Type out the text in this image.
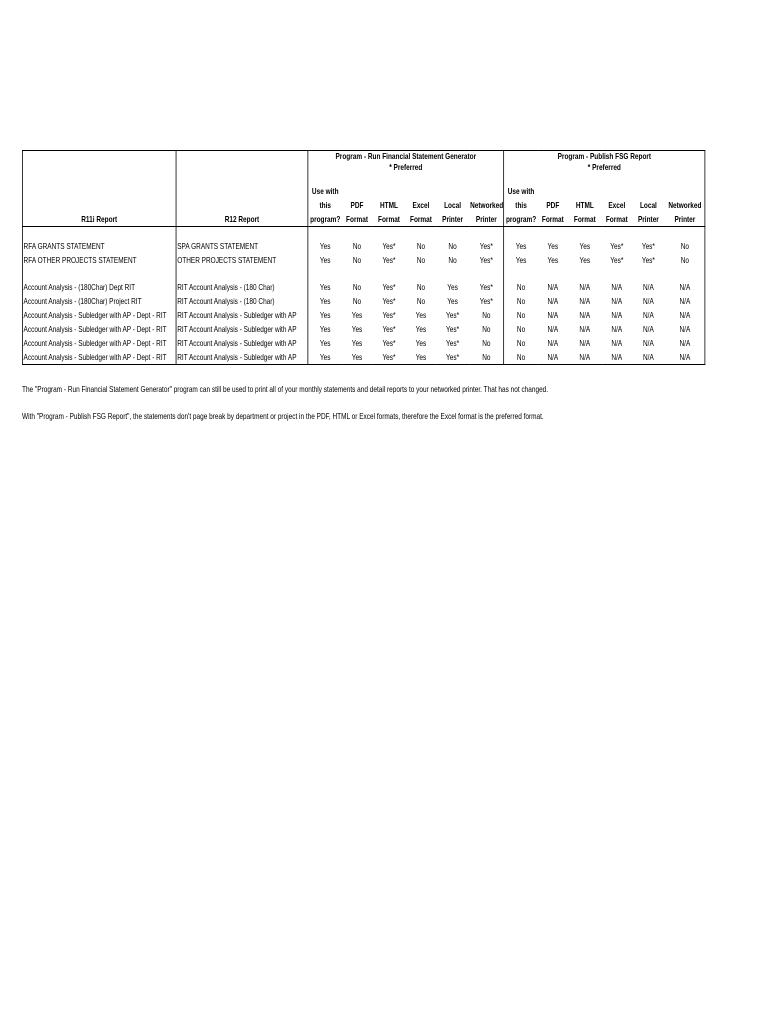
		Program - Run Financial Statement Generator						Program - Publish FSG Report					
		* Preferred						* Preferred					

		Use with						Use with					
		this	PDF	HTML	Excel	Local	Networked	this	PDF	HTML	Excel	Local	Networked
R11i Report	R12 Report	program?	Format	Format	Format	Printer	Printer	program?	Format	Format	Format	Printer	Printer

RFA GRANTS STATEMENT	SPA GRANTS STATEMENT	Yes	No	Yes*	No	No	Yes*	Yes	Yes	Yes	Yes*	Yes*	No
RFA OTHER PROJECTS STATEMENT	OTHER PROJECTS STATEMENT	Yes	No	Yes*	No	No	Yes*	Yes	Yes	Yes	Yes*	Yes*	No

Account Analysis - (180Char) Dept RIT	RIT Account Analysis - (180 Char)	Yes	No	Yes*	No	Yes	Yes*	No	N/A	N/A	N/A	N/A	N/A
Account Analysis - (180Char) Project RIT	RIT Account Analysis - (180 Char)	Yes	No	Yes*	No	Yes	Yes*	No	N/A	N/A	N/A	N/A	N/A
Account Analysis - Subledger with AP - Dept - RIT	RIT Account Analysis - Subledger with AP	Yes	Yes	Yes*	Yes	Yes*	No	No	N/A	N/A	N/A	N/A	N/A
Account Analysis - Subledger with AP - Dept - RIT	RIT Account Analysis - Subledger with AP	Yes	Yes	Yes*	Yes	Yes*	No	No	N/A	N/A	N/A	N/A	N/A
Account Analysis - Subledger with AP - Dept - RIT	RIT Account Analysis - Subledger with AP	Yes	Yes	Yes*	Yes	Yes*	No	No	N/A	N/A	N/A	N/A	N/A
Account Analysis - Subledger with AP - Dept - RIT	RIT Account Analysis - Subledger with AP	Yes	Yes	Yes*	Yes	Yes*	No	No	N/A	N/A	N/A	N/A	N/A
The "Program - Run Financial Statement Generator" program can still be used to print all of your monthly statements and detail reports to your networked printer. That has not changed.
With "Program - Publish FSG Report", the statements don't page break by department or project in the PDF, HTML or Excel formats, therefore the Excel format is the preferred format.
